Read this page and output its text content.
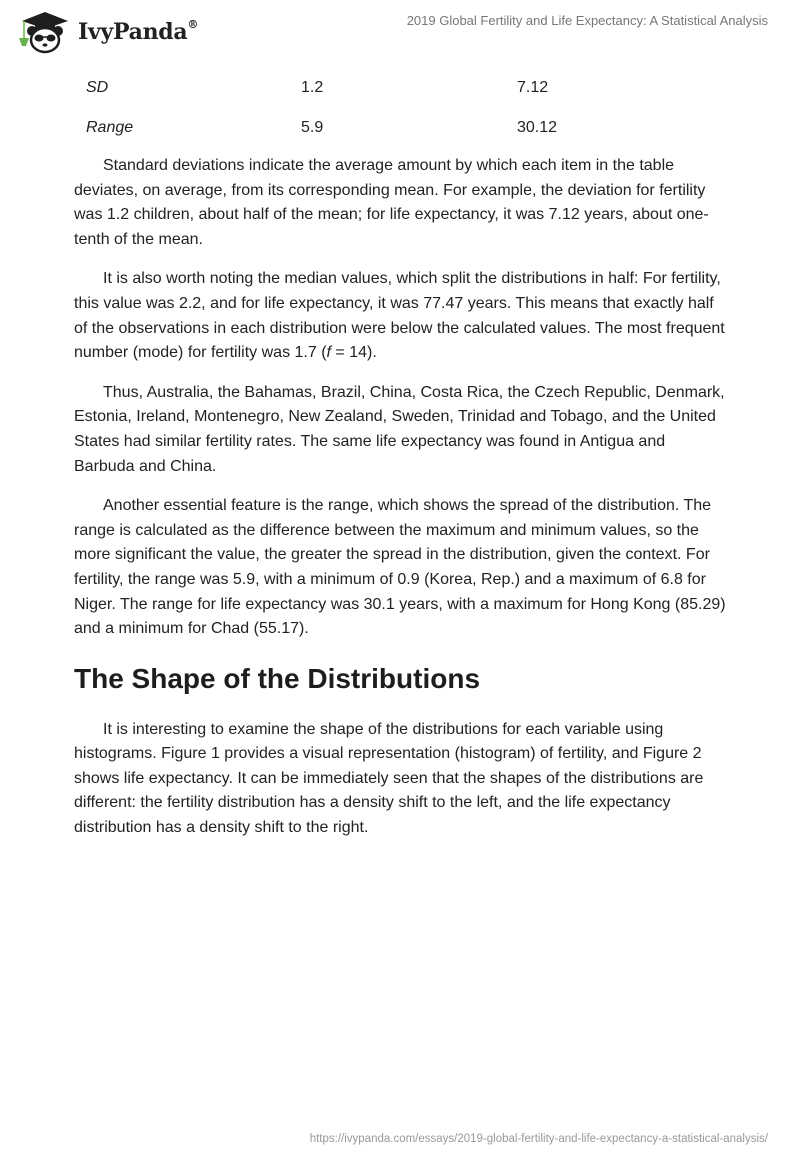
IvyPanda®	2019 Global Fertility and Life Expectancy: A Statistical Analysis
SD	1.2	7.12
Range	5.9	30.12

Standard deviations indicate the average amount by which each item in the table deviates, on average, from its corresponding mean. For example, the deviation for fertility was 1.2 children, about half of the mean; for life expectancy, it was 7.12 years, about one-tenth of the mean.

It is also worth noting the median values, which split the distributions in half: For fertility, this value was 2.2, and for life expectancy, it was 77.47 years. This means that exactly half of the observations in each distribution were below the calculated values. The most frequent number (mode) for fertility was 1.7 (f = 14).

Thus, Australia, the Bahamas, Brazil, China, Costa Rica, the Czech Republic, Denmark, Estonia, Ireland, Montenegro, New Zealand, Sweden, Trinidad and Tobago, and the United States had similar fertility rates. The same life expectancy was found in Antigua and Barbuda and China.

Another essential feature is the range, which shows the spread of the distribution. The range is calculated as the difference between the maximum and minimum values, so the more significant the value, the greater the spread in the distribution, given the context. For fertility, the range was 5.9, with a minimum of 0.9 (Korea, Rep.) and a maximum of 6.8 for Niger. The range for life expectancy was 30.1 years, with a maximum for Hong Kong (85.29) and a minimum for Chad (55.17).

The Shape of the Distributions

It is interesting to examine the shape of the distributions for each variable using histograms. Figure 1 provides a visual representation (histogram) of fertility, and Figure 2 shows life expectancy. It can be immediately seen that the shapes of the distributions are different: the fertility distribution has a density shift to the left, and the life expectancy distribution has a density shift to the right.

https://ivypanda.com/essays/2019-global-fertility-and-life-expectancy-a-statistical-analysis/
